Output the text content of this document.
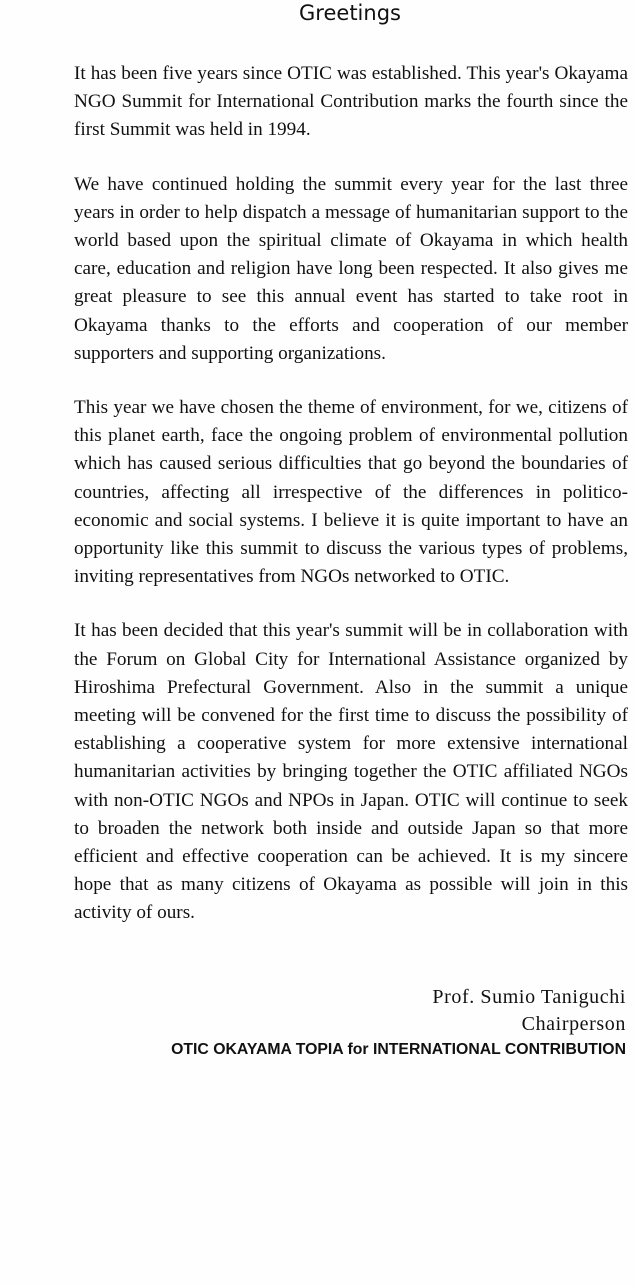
Greetings

It has been five years since OTIC was established. This year's Okayama NGO Summit for International Contribution marks the fourth since the first Summit was held in 1994.

We have continued holding the summit every year for the last three years in order to help dispatch a message of humanitarian support to the world based upon the spiritual climate of Okayama in which health care, education and religion have long been respected. It also gives me great pleasure to see this annual event has started to take root in Okayama thanks to the efforts and cooperation of our member supporters and supporting organizations.

This year we have chosen the theme of environment, for we, citizens of this planet earth, face the ongoing problem of environmental pollution which has caused serious difficulties that go beyond the boundaries of countries, affecting all irrespective of the differences in politico-economic and social systems. I believe it is quite important to have an opportunity like this summit to discuss the various types of problems, inviting representatives from NGOs networked to OTIC.

It has been decided that this year's summit will be in collaboration with the Forum on Global City for International Assistance organized by Hiroshima Prefectural Government. Also in the summit a unique meeting will be convened for the first time to discuss the possibility of establishing a cooperative system for more extensive international humanitarian activities by bringing together the OTIC affiliated NGOs with non-OTIC NGOs and NPOs in Japan. OTIC will continue to seek to broaden the network both inside and outside Japan so that more efficient and effective cooperation can be achieved. It is my sincere hope that as many citizens of Okayama as possible will join in this activity of ours.

Prof. Sumio Taniguchi
Chairperson
OTIC OKAYAMA TOPIA for INTERNATIONAL CONTRIBUTION
